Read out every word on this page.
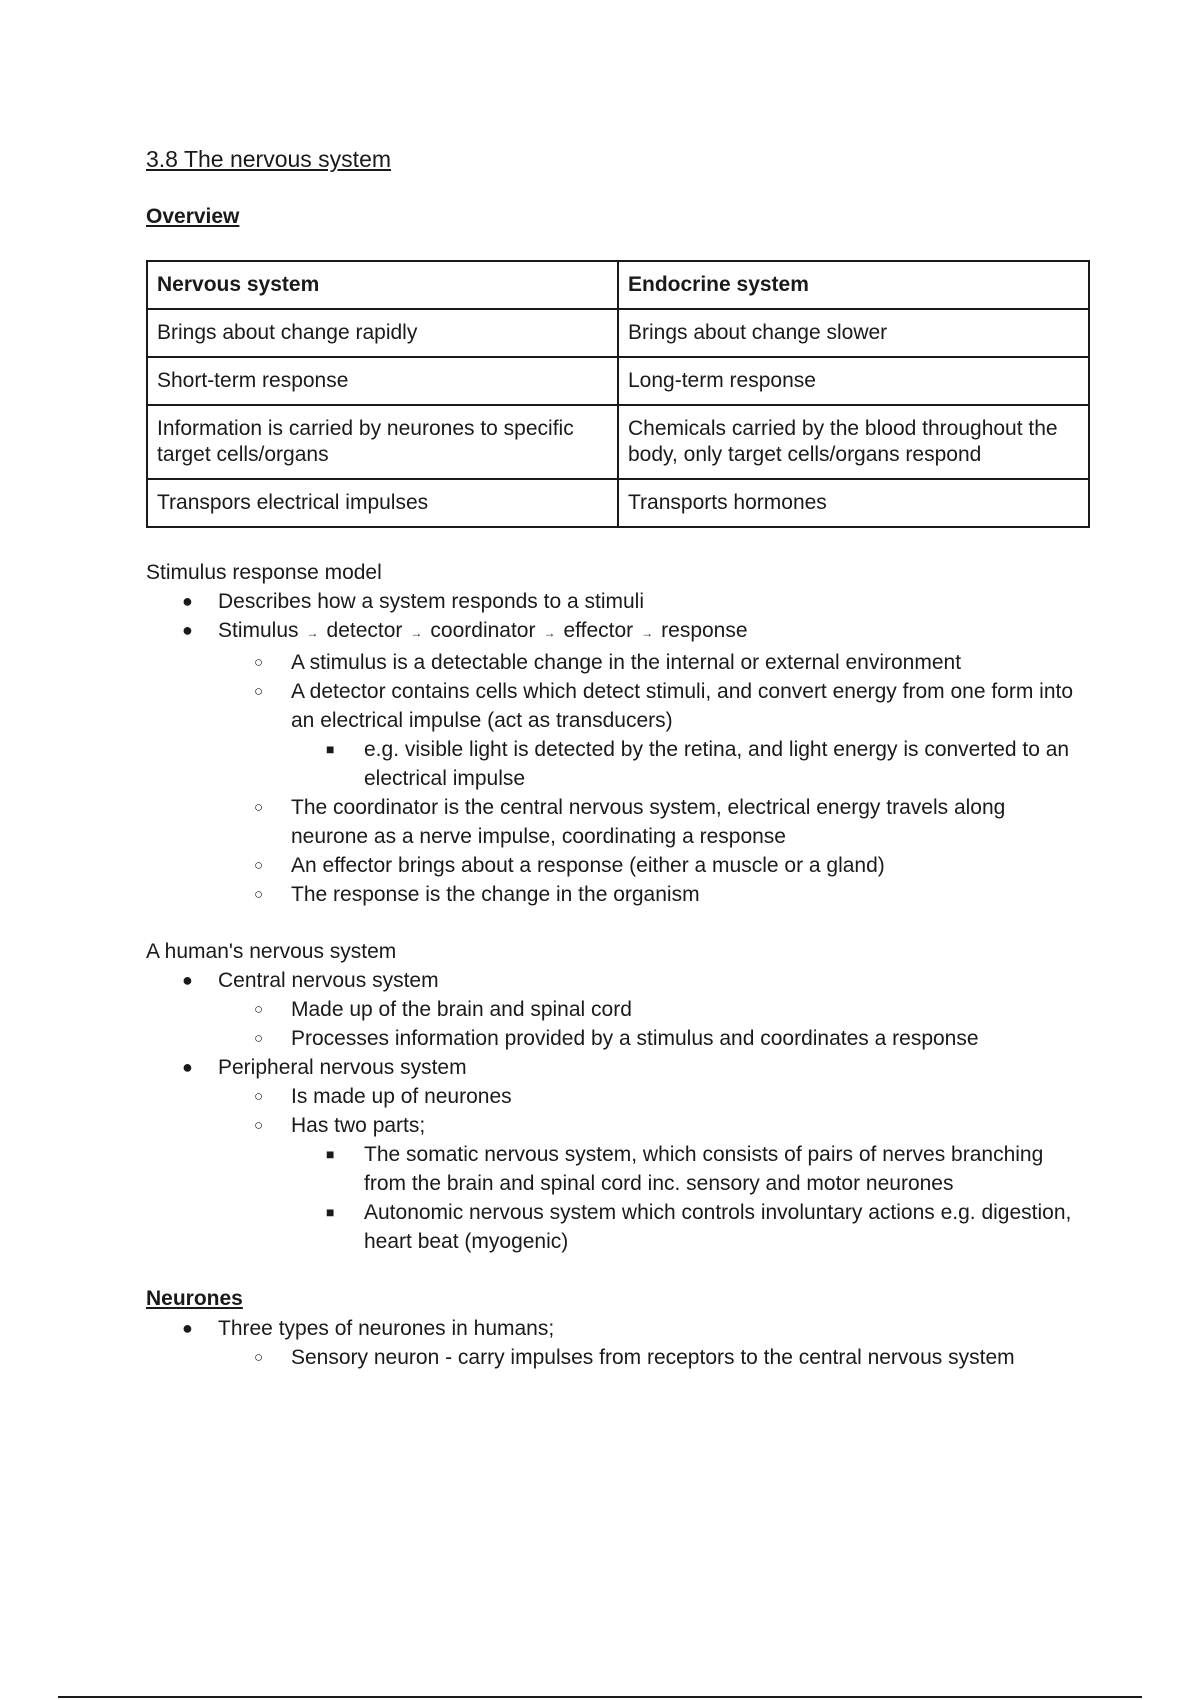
3.8 The nervous system
Overview
Nervous system	Endocrine system
Brings about change rapidly	Brings about change slower
Short-term response	Long-term response
Information is carried by neurones to specific target cells/organs	Chemicals carried by the blood throughout the body, only target cells/organs respond
Transpors electrical impulses	Transports hormones

Stimulus response model

● Describes how a system responds to a stimuli
● Stimulus → detector → coordinator → effector → response
○ A stimulus is a detectable change in the internal or external environment
○ A detector contains cells which detect stimuli, and convert energy from one form into an electrical impulse (act as transducers)
■ e.g. visible light is detected by the retina, and light energy is converted to an electrical impulse
○ The coordinator is the central nervous system, electrical energy travels along neurone as a nerve impulse, coordinating a response
○ An effector brings about a response (either a muscle or a gland)
○ The response is the change in the organism

A human's nervous system

● Central nervous system
○ Made up of the brain and spinal cord
○ Processes information provided by a stimulus and coordinates a response
● Peripheral nervous system
○ Is made up of neurones
○ Has two parts;
■ The somatic nervous system, which consists of pairs of nerves branching from the brain and spinal cord inc. sensory and motor neurones
■ Autonomic nervous system which controls involuntary actions e.g. digestion, heart beat (myogenic)
Neurones
● Three types of neurones in humans;
○ Sensory neuron - carry impulses from receptors to the central nervous system
